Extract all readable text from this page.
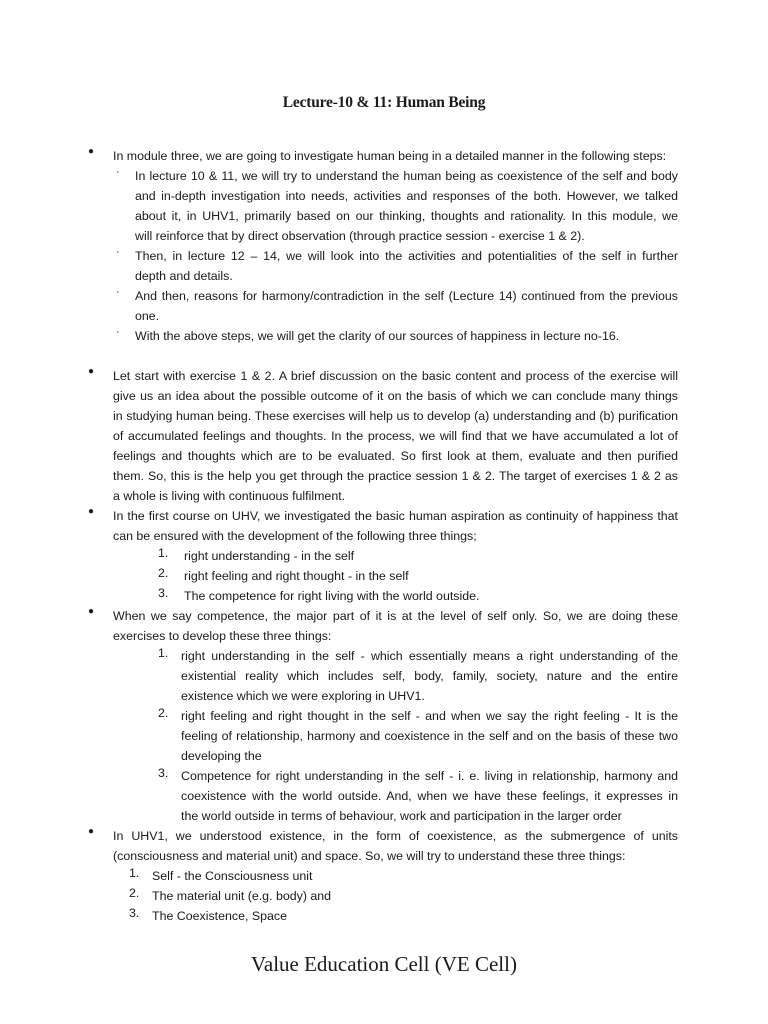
Lecture-10 & 11: Human Being
● In module three, we are going to investigate human being in a detailed manner in the following steps:
· In lecture 10 & 11, we will try to understand the human being as coexistence of the self and body
and in-depth investigation into needs, activities and responses of the both. However, we talked
about it, in UHV1, primarily based on our thinking, thoughts and rationality. In this module, we
will reinforce that by direct observation (through practice session - exercise 1 & 2).
· Then, in lecture 12 – 14, we will look into the activities and potentialities of the self in further
depth and details.
· And then, reasons for harmony/contradiction in the self (Lecture 14) continued from the previous
one.
· With the above steps, we will get the clarity of our sources of happiness in lecture no-16.
● Let start with exercise 1 & 2. A brief discussion on the basic content and process of the exercise will
give us an idea about the possible outcome of it on the basis of which we can conclude many things
in studying human being. These exercises will help us to develop (a) understanding and (b) purification
of accumulated feelings and thoughts. In the process, we will find that we have accumulated a lot of
feelings and thoughts which are to be evaluated. So first look at them, evaluate and then purified
them. So, this is the help you get through the practice session 1 & 2. The target of exercises 1 & 2 as
a whole is living with continuous fulfilment.
● In the first course on UHV, we investigated the basic human aspiration as continuity of happiness that
can be ensured with the development of the following three things;
1.	right understanding - in the self
2.	right feeling and right thought - in the self
3.	The competence for right living with the world outside.
● When we say competence, the major part of it is at the level of self only. So, we are doing these
exercises to develop these three things:
1. right understanding in the self - which essentially means a right understanding of the
existential reality which includes self, body, family, society, nature and the entire
existence which we were exploring in UHV1.
2. right feeling and right thought in the self - and when we say the right feeling - It is the
feeling of relationship, harmony and coexistence in the self and on the basis of these two
developing the
3. Competence for right understanding in the self - i. e. living in relationship, harmony and
coexistence with the world outside. And, when we have these feelings, it expresses in
the world outside in terms of behaviour, work and participation in the larger order
● In UHV1, we understood existence, in the form of coexistence, as the submergence of units
(consciousness and material unit) and space. So, we will try to understand these three things:
1.	Self - the Consciousness unit
2.	The material unit (e.g. body) and
3.	The Coexistence, Space
Value Education Cell (VE Cell)
